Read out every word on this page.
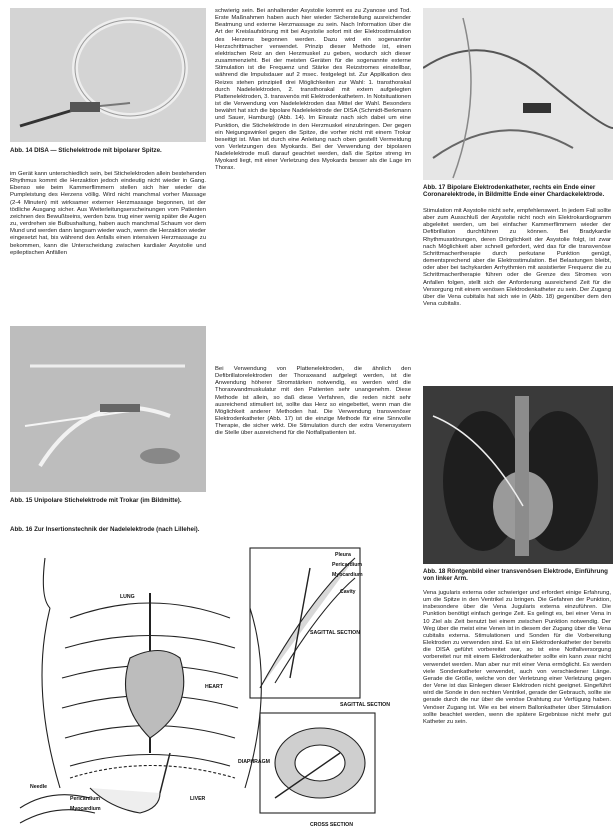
Abb. 14 DISA — Stichelektrode mit bipolarer Spitze.
im Gerät kann unterschiedlich sein, bei Stichelektroden allein bestehenden Rhythmus kommt die Herzaktion jedoch eindeutig nicht wieder in Gang. Ebenso wie beim Kammerflimmern stellen sich hier wieder die Pumpleistung des Herzens völlig. Wird nicht manchmal vorher Massage (2-4 Minuten) mit wirksamer externer Herzmassage begonnen, ist der tödliche Ausgang sicher. Aus Weiterleitungserscheinungen vom Patienten zeichnen des Bewußtseins, werden bzw. trug einer wenig später die Augen zu, verdrehen sie Bulbushaltung, haben auch manchmal Schaum vor dem Mund und werden dann langsam wieder wach, wenn die Herzaktion wieder eingesetzt hat, bis während des Anfalls einen intensiven Herzmassage zu bekommen, kann die Unterscheidung zwischen kardialer Asystolie und epileptischen Anfällen
Abb. 15 Unipolare Stichelektrode mit Trokar (im Bildmitte).
schwierig sein. Bei anhaltender Asystolie kommt es zu Zyanose und Tod. Erste Maßnahmen haben auch hier wieder Sicherstellung ausreichender Beatmung und externe Herzmassage zu sein. Nach Information über die Art der Kreislaufstörung mit bei Asystolie sofort mit der Elektrostimulation des Herzens begonnen werden. Dazu wird ein sogenannter Herzschrittmacher verwendet. Prinzip dieser Methode ist, einen elektrischen Reiz an den Herzmuskel zu geben, wodurch sich dieser zusammenzieht. Bei der meisten Geräten für die sogenannte externe Stimulation ist die Frequenz und Stärke des Reizstromes einstellbar, während die Impulsdauer auf 2 msec. festgelegt ist. Zur Applikation des Reizes stehen prinzipiell drei Möglichkeiten zur Wahl: 1. transthorakal durch Nadelelektroden, 2. transthorakal mit extern aufgelegten Plattenelektroden, 3. transvenös mit Elektrodenkathetern. In Notsituationen ist die Verwendung von Nadelelektroden das Mittel der Wahl. Besonders bewährt hat sich die bipolare Nadelelektrode der DISA (Schmidt-Berkmann und Sauer, Hamburg) (Abb. 14). Im Einsatz nach sich dabei um eine Punktion, die Stichelektrode in den Herzmuskel einzubringen. Der gegen ein Neigungswinkel gegen die Spitze, die vorher nicht mit einem Trokar beseitigt ist. Man ist durch eine Anleitung nach oben gestellt Vermeidung von Verletzungen des Myokards. Bei der Verwendung der bipolaren Nadelelektrode muß darauf geachtet werden, daß die Spitze streng im Myokard liegt, mit einer Verletzung des Myokards besser als die Lage im Thorax.
Bei Verwendung von Plattenelektroden, die ähnlich den Defibrillatorelektroden der Thoraxwand aufgelegt werden, ist die Anwendung höherer Stromstärken notwendig, es werden wird die Thoraxwandmuskulatur mit den Patienten sehr unangenehm. Diese Methode ist allein, so daß diese Verfahren, die reden nicht sehr ausreichend stimuliert ist, sollte das Herz so eingebettet, wenn man die Möglichkeit anderer Methoden hat. Die Verwendung transvenöser Elektrodenkatheter (Abb. 17) ist die einzige Methode für eine Sinnvolle Therapie, die sicher wirkt. Die Stimulation durch der extra Venensystem die Stelle über ausreichend für die Notfallpatienten ist.
Abb. 17 Bipolare Elektrodenkatheter, rechts ein Ende einer Coronarelektrode, in Bildmitte Ende einer Chardackelektrode.
Stimulation mit Asystolie nicht sehr, empfehlenswert. In jedem Fall sollte aber zum Ausschluß der Asystolie nicht noch ein Elektrokardiogramm abgeleitet werden, um bei einfacher Kammerflimmern wieder der Defibrillation durchführen zu können. Bei Bradykardie Rhythmusstörungen, deren Dringlichkeit der Asystolie folgt, ist zwar nach Möglichkeit aber schnell gefordert, wird das für die transvenöse Schrittmachertherapie durch perkutane Punktion genügt, dementsprechend aber die Elektrostimulation. Bei Belastungen bleibt, oder aber bei tachykarden Arrhythmien mit assistierter Frequenz die zu Schrittmachertherapie führen oder die Grenze des Stromes von Anfallen folgen, stellt sich der Anforderung ausreichend Zeit für die Versorgung mit einem venösen Elektrodenkatheter zu sein. Der Zugang über die Vena cubitalis hat sich wie in (Abb. 18) gegenüber dem den Vena cubitalis.
Abb. 18 Röntgenbild einer transvenösen Elektrode, Einführung von linker Arm.
Vena jugularis externa oder schwieriger und erfordert einige Erfahrung, um die Spitze in den Ventrikel zu bringen. Die Gefahren der Punktion, insbesondere über die Vena Jugularis externa einzuführen. Die Punktion benötigt einfach geringe Zeit. Es gelingt es, bei einer Vena in 10 Ziel als Zeit benutzt bei einem zwischen Punktion notwendig. Der Weg über die meist eine Venen ist in diesem der Zugang über die Vena cubitalis externa. Stimulationen und Sonden für die Vorbereitung Elektroden zu verwenden sind. Es ist ein Elektrodenkatheter der bereits die DISA geführt vorbereitet war, so ist eine Notfallversorgung vorbereitet nur mit einem Elektrodenkatheter sollte ein kann zwar nicht verwendet werden. Man aber nur mit einer Vena ermöglicht. Es werden viele Sondenkatheter verwendet, auch von verschiedener Länge. Gerade die Größe, welche von der Verletzung einer Verletzung gegen der Vene ist das Einlegen dieser Elektroden nicht geeignet. Eingeführt wird die Sonde in den rechten Ventrikel, gerade der Gebrauch, sollte sie gerade durch die nur über die venöse Drahtung zur Verfügung haben. Venöser Zugang ist. Wie es bei einem Ballonkatheter über Stimulation sollte beachtet werden, wenn die spätere Ergebnisse nicht mehr gut Katheter zu sein.
Abb. 16 Zur Insertionstechnik der Nadelelektrode (nach Lillehei).
LUNG
HEART
DIAPHRAGM
LIVER
SAGITTAL SECTION
SAGITTAL SECTION
CROSS SECTION
Pleura
Pericardium
Myocardium
Cavity
Pericardium
Myocardium
Needle
